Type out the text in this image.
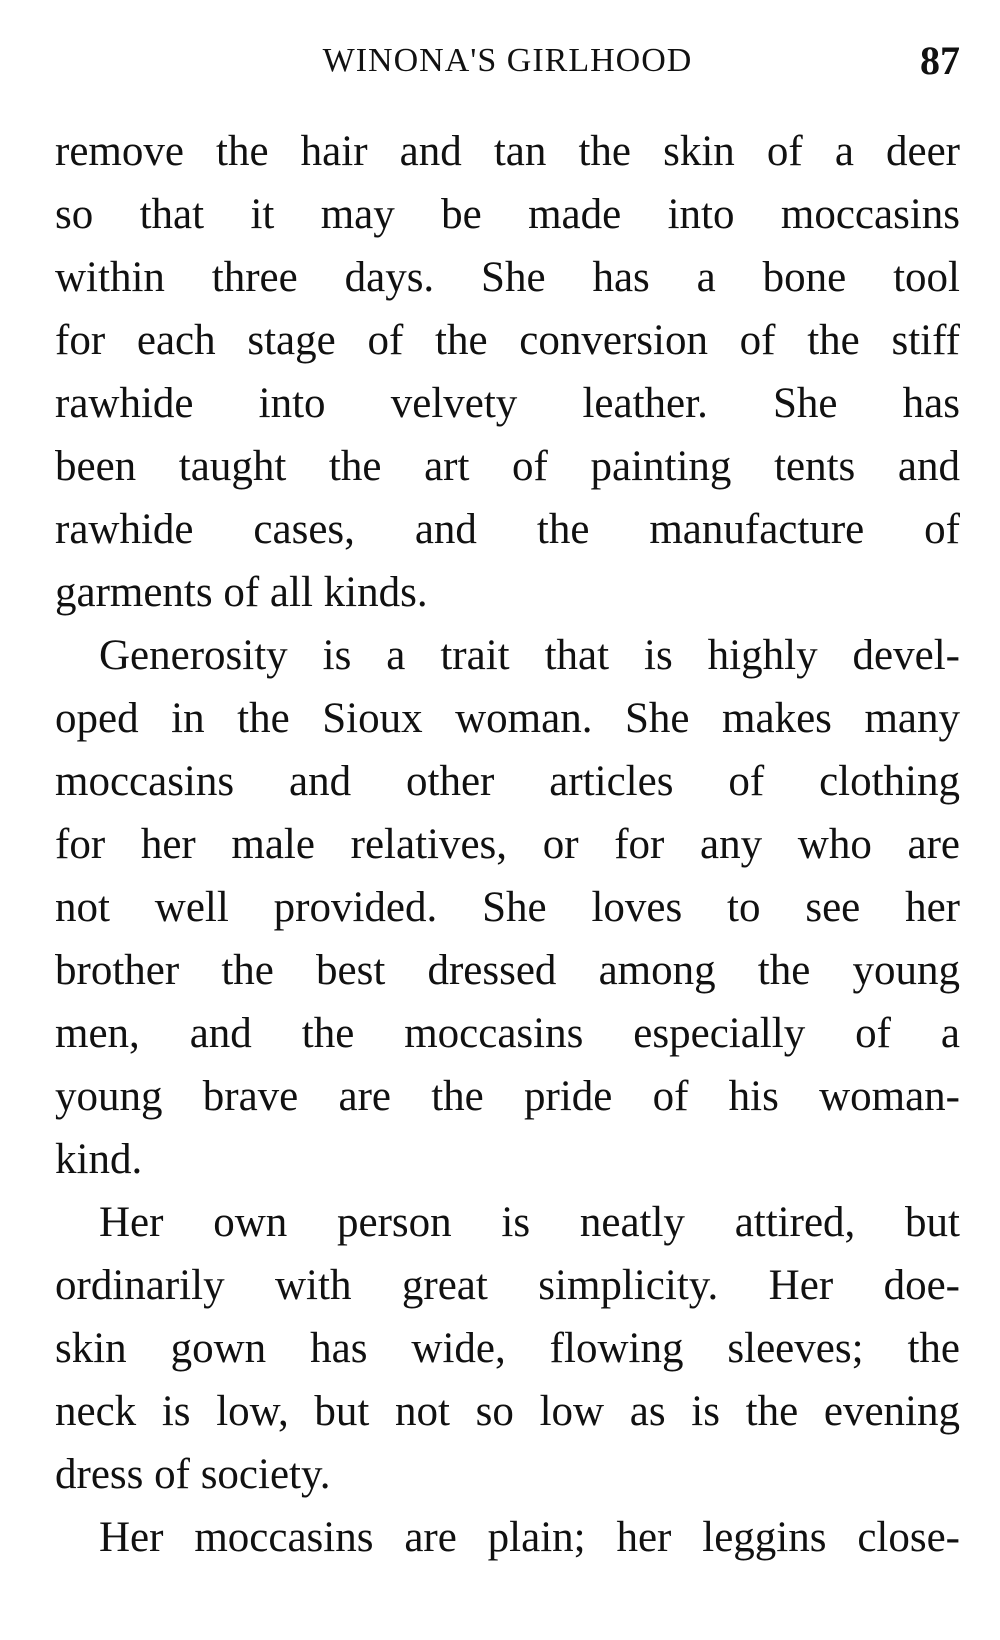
WINONA'S GIRLHOOD	87
remove the hair and tan the skin of a deer
so that it may be made into moccasins
within three days. She has a bone tool
for each stage of the conversion of the stiff
rawhide into velvety leather. She has
been taught the art of painting tents and
rawhide cases, and the manufacture of
garments of all kinds.
Generosity is a trait that is highly devel-
oped in the Sioux woman. She makes many
moccasins and other articles of clothing
for her male relatives, or for any who are
not well provided. She loves to see her
brother the best dressed among the young
men, and the moccasins especially of a
young brave are the pride of his woman-
kind.
Her own person is neatly attired, but
ordinarily with great simplicity. Her doe-
skin gown has wide, flowing sleeves; the
neck is low, but not so low as is the evening
dress of society.
Her moccasins are plain; her leggins close-
